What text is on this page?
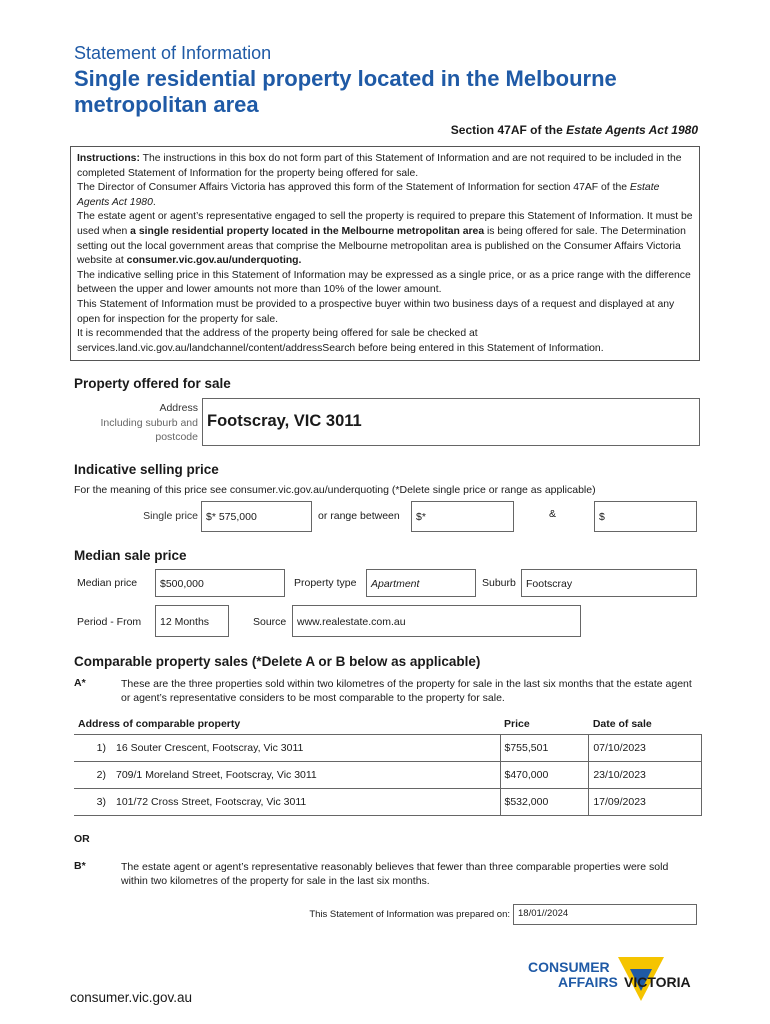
Statement of Information
Single residential property located in the Melbourne metropolitan area
Section 47AF of the Estate Agents Act 1980

Instructions: The instructions in this box do not form part of this Statement of Information and are not required to be included in the completed Statement of Information for the property being offered for sale.

The Director of Consumer Affairs Victoria has approved this form of the Statement of Information for section 47AF of the Estate Agents Act 1980.

The estate agent or agent’s representative engaged to sell the property is required to prepare this Statement of Information. It must be used when a single residential property located in the Melbourne metropolitan area is being offered for sale. The Determination setting out the local government areas that comprise the Melbourne metropolitan area is published on the Consumer Affairs Victoria website at consumer.vic.gov.au/underquoting.

The indicative selling price in this Statement of Information may be expressed as a single price, or as a price range with the difference between the upper and lower amounts not more than 10% of the lower amount.

This Statement of Information must be provided to a prospective buyer within two business days of a request and displayed at any open for inspection for the property for sale.

It is recommended that the address of the property being offered for sale be checked at services.land.vic.gov.au/landchannel/content/addressSearch before being entered in this Statement of Information.

Property offered for sale
Address
Including suburb and
postcode
Footscray, VIC 3011
Indicative selling price
For the meaning of this price see consumer.vic.gov.au/underquoting (*Delete single price or range as applicable)
Single price $* 575,000	or range between	$*	&	$
Median sale price
Median price	$500,000	Property type	Apartment	Suburb Footscray
Period - From	12 Months	Source	www.realestate.com.au
Comparable property sales (*Delete A or B below as applicable)
A*	These are the three properties sold within two kilometres of the property for sale in the last six months that the estate agent or agent’s representative considers to be most comparable to the property for sale.
Address of comparable property	Price	Date of sale
1) 16 Souter Crescent, Footscray, Vic 3011	$755,501	07/10/2023
2) 709/1 Moreland Street, Footscray, Vic 3011	$470,000	23/10/2023
3) 101/72 Cross Street, Footscray, Vic 3011	$532,000	17/09/2023
OR
B*	The estate agent or agent’s representative reasonably believes that fewer than three comparable properties were sold within two kilometres of the property for sale in the last six months.
This Statement of Information was prepared on: 18/01//2024
CONSUMER
AFFAIRS VICTORIA
consumer.vic.gov.au
